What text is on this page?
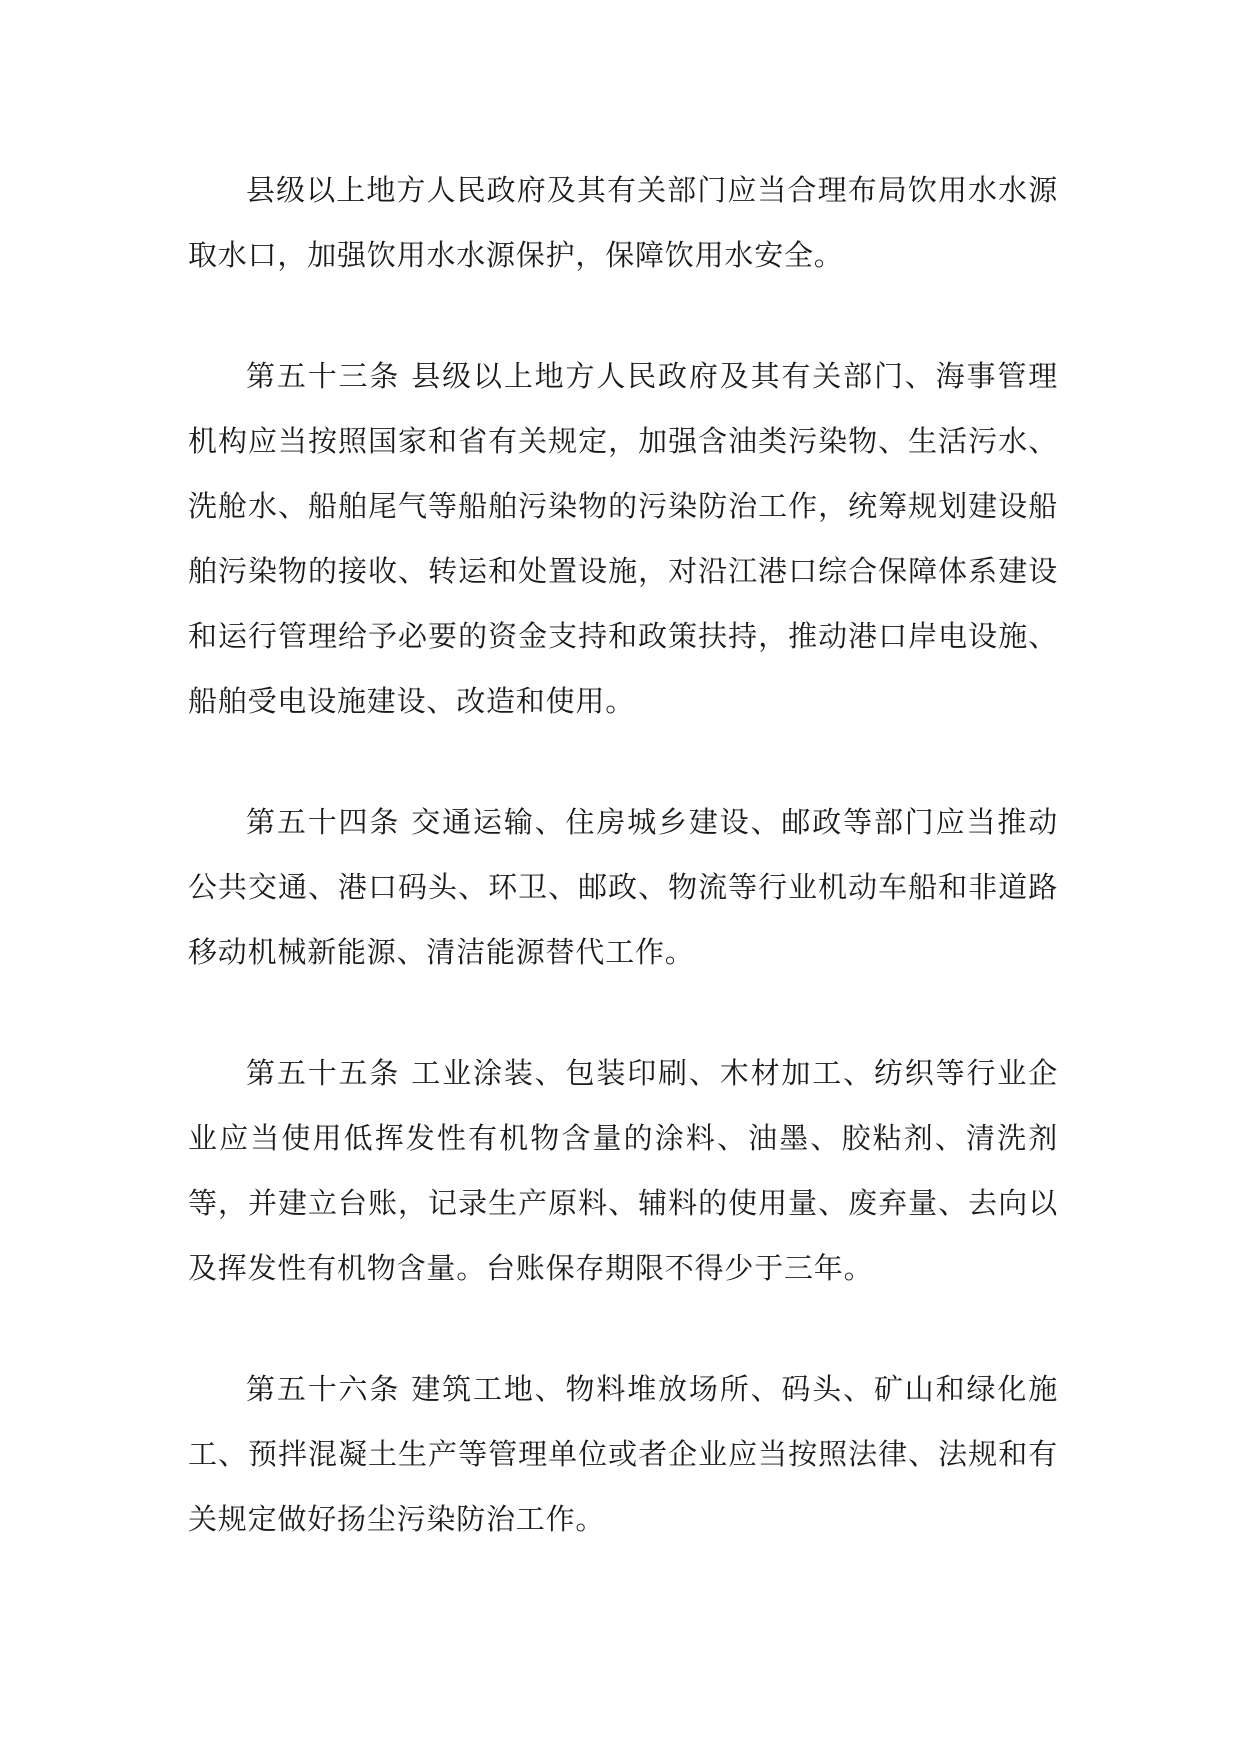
县级以上地方人民政府及其有关部门应当合理布局饮用水水源取水口，加强饮用水水源保护，保障饮用水安全。

第五十三条 县级以上地方人民政府及其有关部门、海事管理机构应当按照国家和省有关规定，加强含油类污染物、生活污水、洗舱水、船舶尾气等船舶污染物的污染防治工作，统筹规划建设船舶污染物的接收、转运和处置设施，对沿江港口综合保障体系建设和运行管理给予必要的资金支持和政策扶持，推动港口岸电设施、船舶受电设施建设、改造和使用。

第五十四条 交通运输、住房城乡建设、邮政等部门应当推动公共交通、港口码头、环卫、邮政、物流等行业机动车船和非道路移动机械新能源、清洁能源替代工作。

第五十五条 工业涂装、包装印刷、木材加工、纺织等行业企业应当使用低挥发性有机物含量的涂料、油墨、胶粘剂、清洗剂等，并建立台账，记录生产原料、辅料的使用量、废弃量、去向以及挥发性有机物含量。台账保存期限不得少于三年。

第五十六条 建筑工地、物料堆放场所、码头、矿山和绿化施工、预拌混凝土生产等管理单位或者企业应当按照法律、法规和有关规定做好扬尘污染防治工作。
